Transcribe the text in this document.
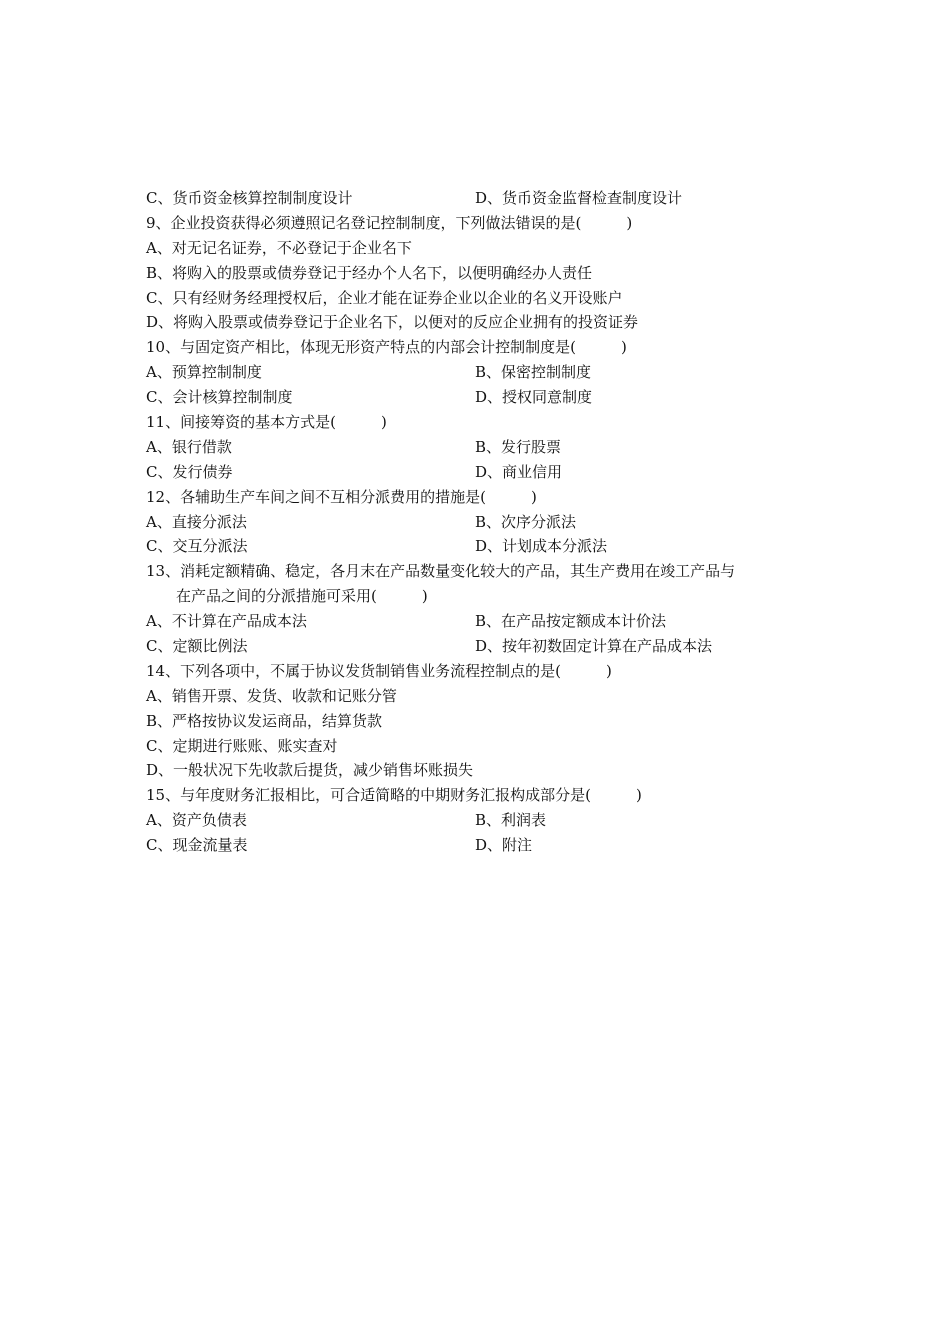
C、货币资金核算控制制度设计	D、货币资金监督检查制度设计
9、企业投资获得必须遵照记名登记控制制度，下列做法错误的是(　　　)
A、对无记名证券，不必登记于企业名下
B、将购入的股票或债券登记于经办个人名下，以便明确经办人责任
C、只有经财务经理授权后，企业才能在证券企业以企业的名义开设账户
D、将购入股票或债券登记于企业名下，以便对的反应企业拥有的投资证券
10、与固定资产相比，体现无形资产特点的内部会计控制制度是(　　　)
A、预算控制制度	B、保密控制制度
C、会计核算控制制度	D、授权同意制度
11、间接筹资的基本方式是(　　　)
A、银行借款	B、发行股票
C、发行债券	D、商业信用
12、各辅助生产车间之间不互相分派费用的措施是(　　　)
A、直接分派法	B、次序分派法
C、交互分派法	D、计划成本分派法
13、消耗定额精确、稳定，各月末在产品数量变化较大的产品，其生产费用在竣工产品与
在产品之间的分派措施可采用(　　　)
A、不计算在产品成本法	B、在产品按定额成本计价法
C、定额比例法	D、按年初数固定计算在产品成本法
14、下列各项中，不属于协议发货制销售业务流程控制点的是(　　　)
A、销售开票、发货、收款和记账分管
B、严格按协议发运商品，结算货款
C、定期进行账账、账实查对
D、一般状况下先收款后提货，减少销售坏账损失
15、与年度财务汇报相比，可合适简略的中期财务汇报构成部分是(　　　)
A、资产负债表	B、利润表
C、现金流量表	D、附注
